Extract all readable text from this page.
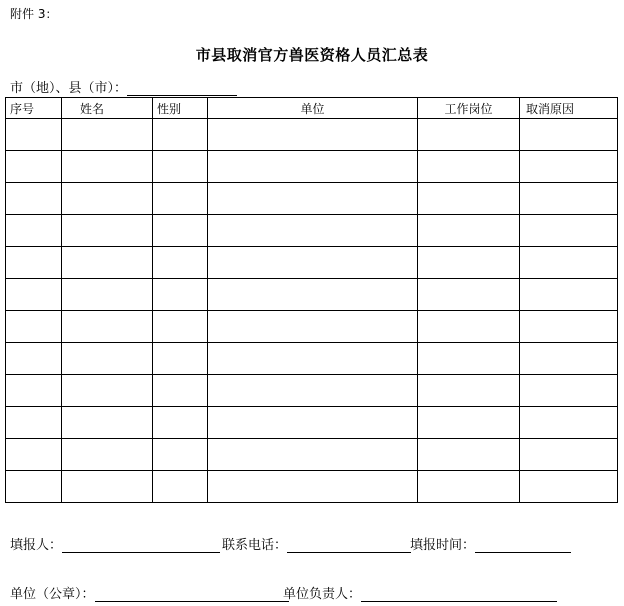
附件 3：
市县取消官方兽医资格人员汇总表
市（地）、县（市）：
序号	姓名	性别	单位	工作岗位	取消原因

填报人：	联系电话：	填报时间：
单位（公章）：	单位负责人：
